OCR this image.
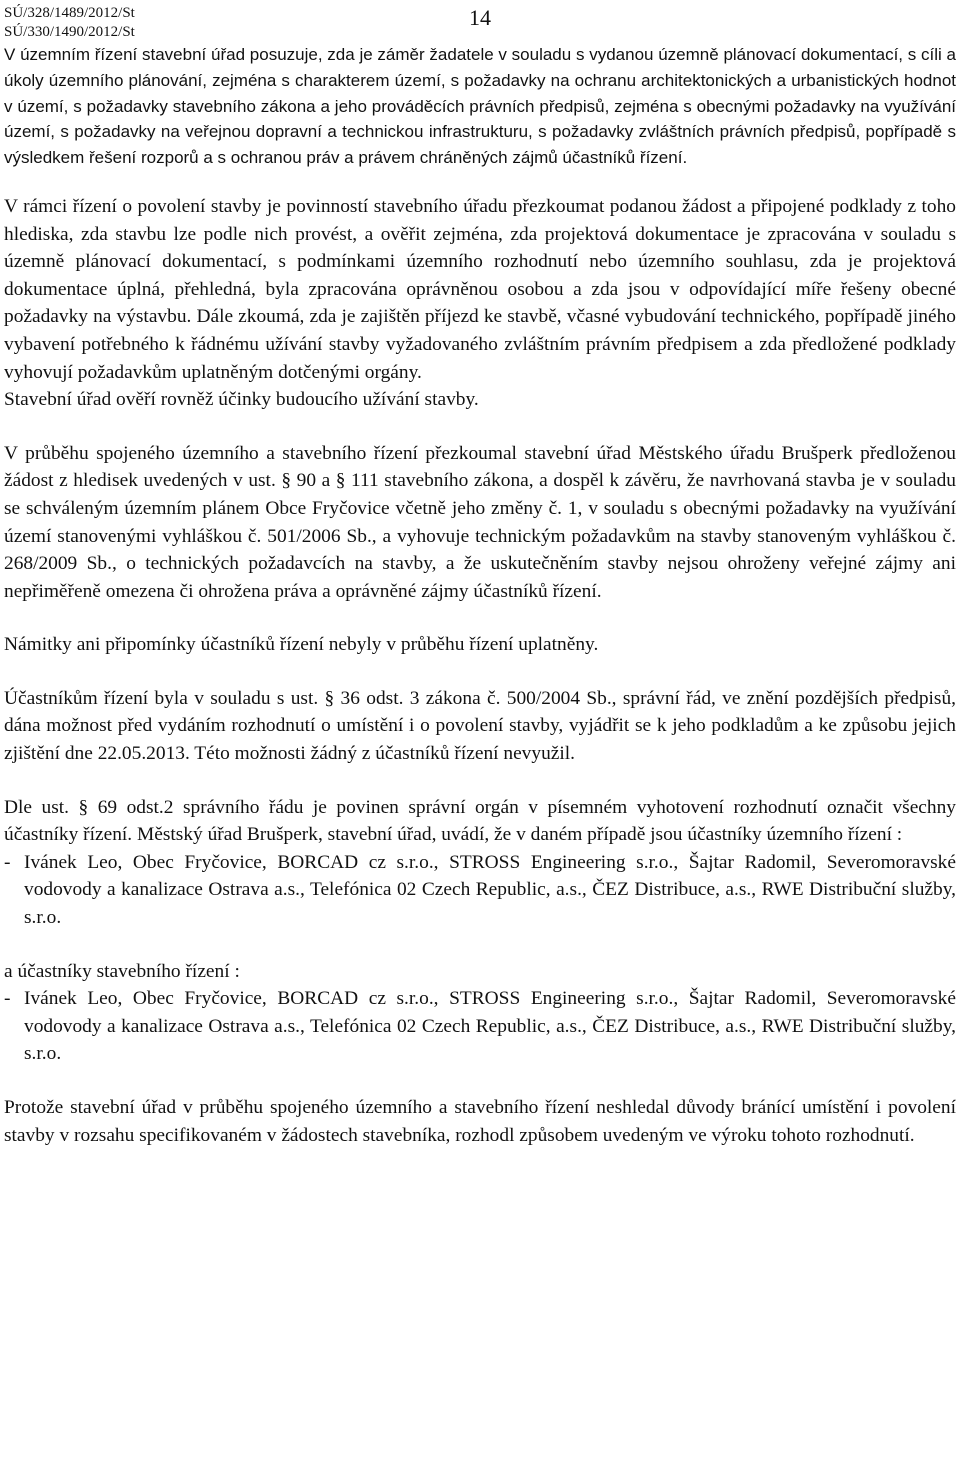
SÚ/328/1489/2012/St
SÚ/330/1490/2012/St
14

V územním řízení stavební úřad posuzuje, zda je záměr žadatele v souladu s vydanou územně plánovací dokumentací, s cíli a úkoly územního plánování, zejména s charakterem území, s požadavky na ochranu architektonických a urbanistických hodnot v území, s požadavky stavebního zákona a jeho prováděcích právních předpisů, zejména s obecnými požadavky na využívání území, s požadavky na veřejnou dopravní a technickou infrastrukturu, s požadavky zvláštních právních předpisů, popřípadě s výsledkem řešení rozporů a s ochranou práv a právem chráněných zájmů účastníků řízení.

V rámci řízení o povolení stavby je povinností stavebního úřadu přezkoumat podanou žádost a připojené podklady z toho hlediska, zda stavbu lze podle nich provést, a ověřit zejména, zda projektová dokumentace je zpracována v souladu s územně plánovací dokumentací, s podmínkami územního rozhodnutí nebo územního souhlasu, zda je projektová dokumentace úplná, přehledná, byla zpracována oprávněnou osobou a zda jsou v odpovídající míře řešeny obecné požadavky na výstavbu. Dále zkoumá, zda je zajištěn příjezd ke stavbě, včasné vybudování technického, popřípadě jiného vybavení potřebného k řádnému užívání stavby vyžadovaného zvláštním právním předpisem a zda předložené podklady vyhovují požadavkům uplatněným dotčenými orgány.

Stavební úřad ověří rovněž účinky budoucího užívání stavby.

V průběhu spojeného územního a stavebního řízení přezkoumal stavební úřad Městského úřadu Brušperk předloženou žádost z hledisek uvedených v ust. § 90 a § 111 stavebního zákona, a dospěl k závěru, že navrhovaná stavba je v souladu se schváleným územním plánem Obce Fryčovice včetně jeho změny č. 1, v souladu s obecnými požadavky na využívání území stanovenými vyhláškou č. 501/2006 Sb., a vyhovuje technickým požadavkům na stavby stanoveným vyhláškou č. 268/2009 Sb., o technických požadavcích na stavby, a že uskutečněním stavby nejsou ohroženy veřejné zájmy ani nepřiměřeně omezena či ohrožena práva a oprávněné zájmy účastníků řízení.

Námitky ani připomínky účastníků řízení nebyly v průběhu řízení uplatněny.

Účastníkům řízení byla v souladu s ust. § 36 odst. 3 zákona č. 500/2004 Sb., správní řád, ve znění pozdějších předpisů, dána možnost před vydáním rozhodnutí o umístění i o povolení stavby, vyjádřit se k jeho podkladům a ke způsobu jejich zjištění dne 22.05.2013. Této možnosti žádný z účastníků řízení nevyužil.

Dle ust. § 69 odst.2 správního řádu je povinen správní orgán v písemném vyhotovení rozhodnutí označit všechny účastníky řízení. Městský úřad Brušperk, stavební úřad, uvádí, že v daném případě jsou účastníky územního řízení :

- Ivánek Leo, Obec Fryčovice, BORCAD cz s.r.o., STROSS Engineering s.r.o., Šajtar Radomil, Severomoravské vodovody a kanalizace Ostrava a.s., Telefónica 02 Czech Republic, a.s., ČEZ Distribuce, a.s., RWE Distribuční služby, s.r.o.

a účastníky stavebního řízení :

- Ivánek Leo, Obec Fryčovice, BORCAD cz s.r.o., STROSS Engineering s.r.o., Šajtar Radomil, Severomoravské vodovody a kanalizace Ostrava a.s., Telefónica 02 Czech Republic, a.s., ČEZ Distribuce, a.s., RWE Distribuční služby, s.r.o.

Protože stavební úřad v průběhu spojeného územního a stavebního řízení neshledal důvody bránící umístění i povolení stavby v rozsahu specifikovaném v žádostech stavebníka, rozhodl způsobem uvedeným ve výroku tohoto rozhodnutí.
